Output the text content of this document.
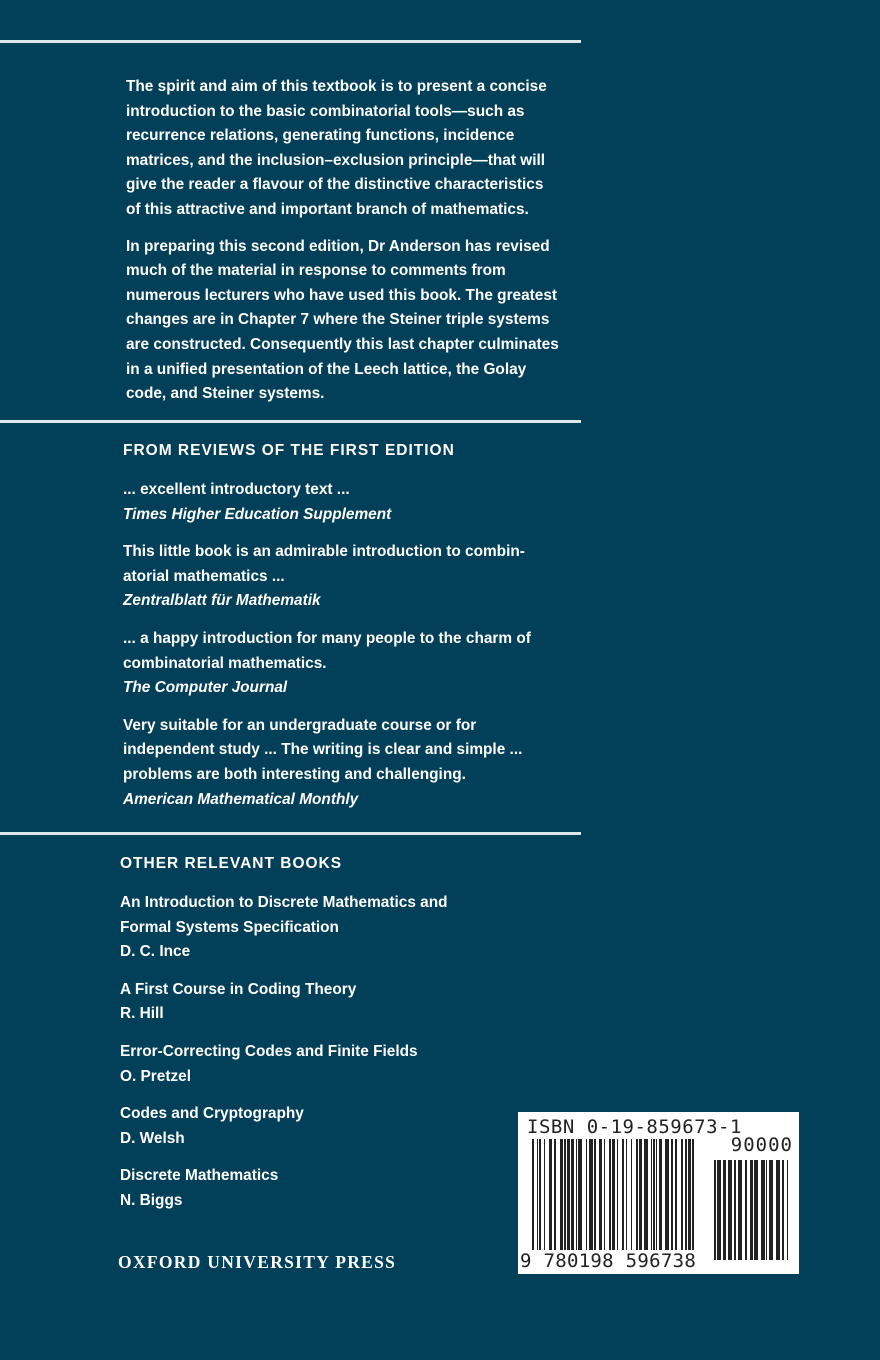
The spirit and aim of this textbook is to present a concise
introduction to the basic combinatorial tools—such as
recurrence relations, generating functions, incidence
matrices, and the inclusion–exclusion principle—that will
give the reader a flavour of the distinctive characteristics
of this attractive and important branch of mathematics.
In preparing this second edition, Dr Anderson has revised
much of the material in response to comments from
numerous lecturers who have used this book. The greatest
changes are in Chapter 7 where the Steiner triple systems
are constructed. Consequently this last chapter culminates
in a unified presentation of the Leech lattice, the Golay
code, and Steiner systems.
FROM REVIEWS OF THE FIRST EDITION
... excellent introductory text ...
Times Higher Education Supplement
This little book is an admirable introduction to combin-
atorial mathematics ...
Zentralblatt für Mathematik
... a happy introduction for many people to the charm of
combinatorial mathematics.
The Computer Journal
Very suitable for an undergraduate course or for
independent study ... The writing is clear and simple ...
problems are both interesting and challenging.
American Mathematical Monthly
OTHER RELEVANT BOOKS
An Introduction to Discrete Mathematics and
Formal Systems Specification
D. C. Ince
A First Course in Coding Theory
R. Hill
Error-Correcting Codes and Finite Fields
O. Pretzel
Codes and Cryptography
D. Welsh
Discrete Mathematics
N. Biggs
OXFORD UNIVERSITY PRESS
ISBN 0-19-859673-1
90000
9 780198 596738
